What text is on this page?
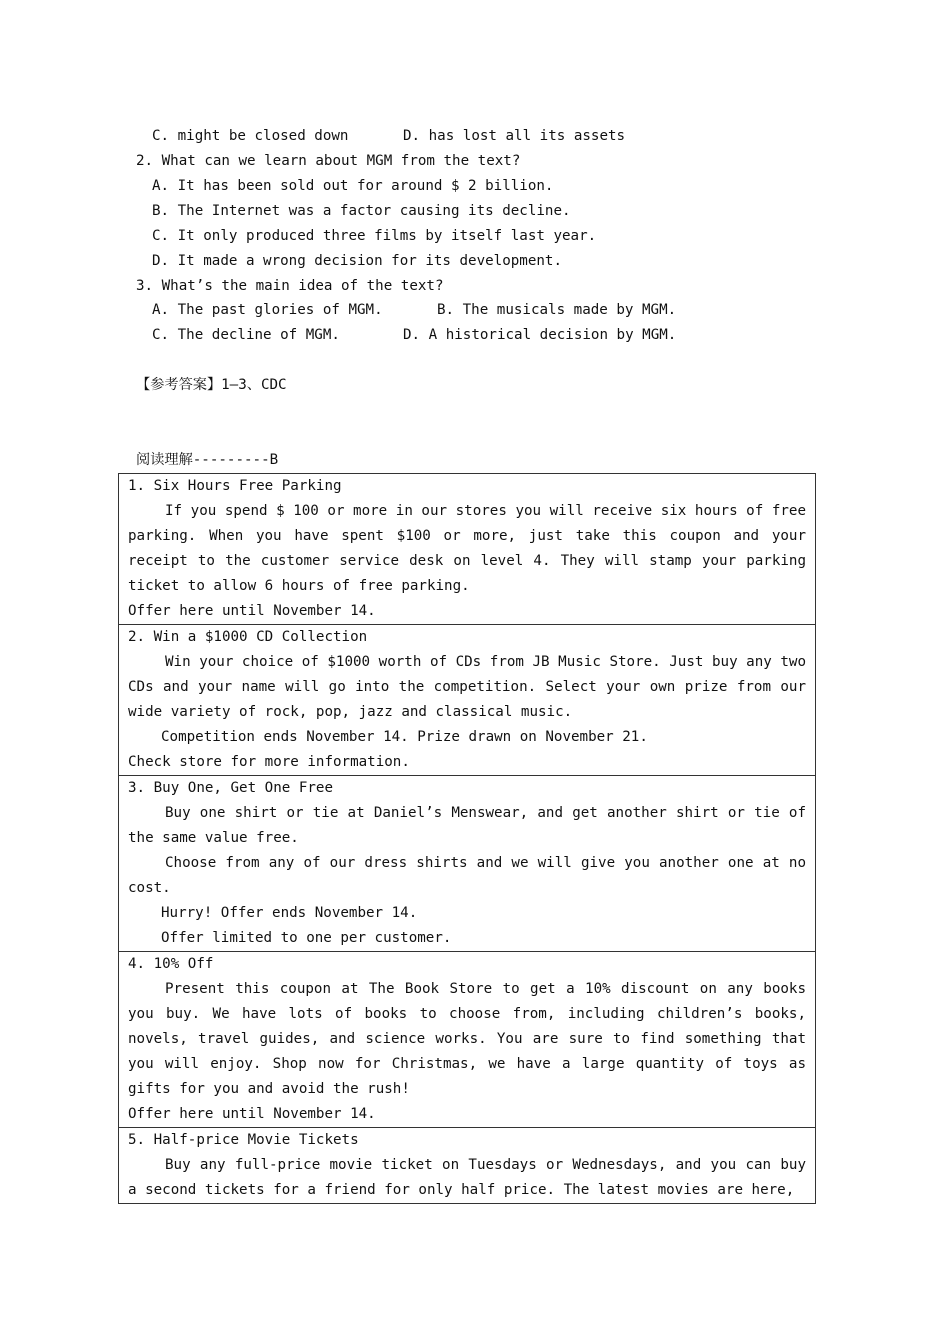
C. might be closed down	D. has lost all its assets
2. What can we learn about MGM from the text?
A. It has been sold out for around $ 2 billion.
B. The Internet was a factor causing its decline.
C. It only produced three films by itself last year.
D. It made a wrong decision for its development.
3. What’s the main idea of the text?
A. The past glories of MGM.	B. The musicals made by MGM.
C. The decline of MGM.	D. A historical decision by MGM.
【参考答案】1—3、CDC
阅读理解---------B
1. Six Hours Free Parking
If you spend $ 100 or more in our stores you will receive six hours of free parking. When you have spent $100 or more, just take this coupon and your receipt to the customer service desk on level 4. They will stamp your parking ticket to allow 6 hours of free parking.
Offer here until November 14.

2. Win a $1000 CD Collection
Win your choice of $1000 worth of CDs from JB Music Store. Just buy any two CDs and your name will go into the competition. Select your own prize from our wide variety of rock, pop, jazz and classical music.
Competition ends November 14. Prize drawn on November 21.
Check store for more information.

3. Buy One, Get One Free
Buy one shirt or tie at Daniel’s Menswear, and get another shirt or tie of the same value free.
Choose from any of our dress shirts and we will give you another one at no cost.
Hurry! Offer ends November 14.
Offer limited to one per customer.

4. 10% Off
Present this coupon at The Book Store to get a 10% discount on any books you buy. We have lots of books to choose from, including children’s books, novels, travel guides, and science works. You are sure to find something that you will enjoy. Shop now for Christmas, we have a large quantity of toys as gifts for you and avoid the rush!
Offer here until November 14.

5. Half-price Movie Tickets
Buy any full-price movie ticket on Tuesdays or Wednesdays, and you can buy a second tickets for a friend for only half price. The latest movies are here,
